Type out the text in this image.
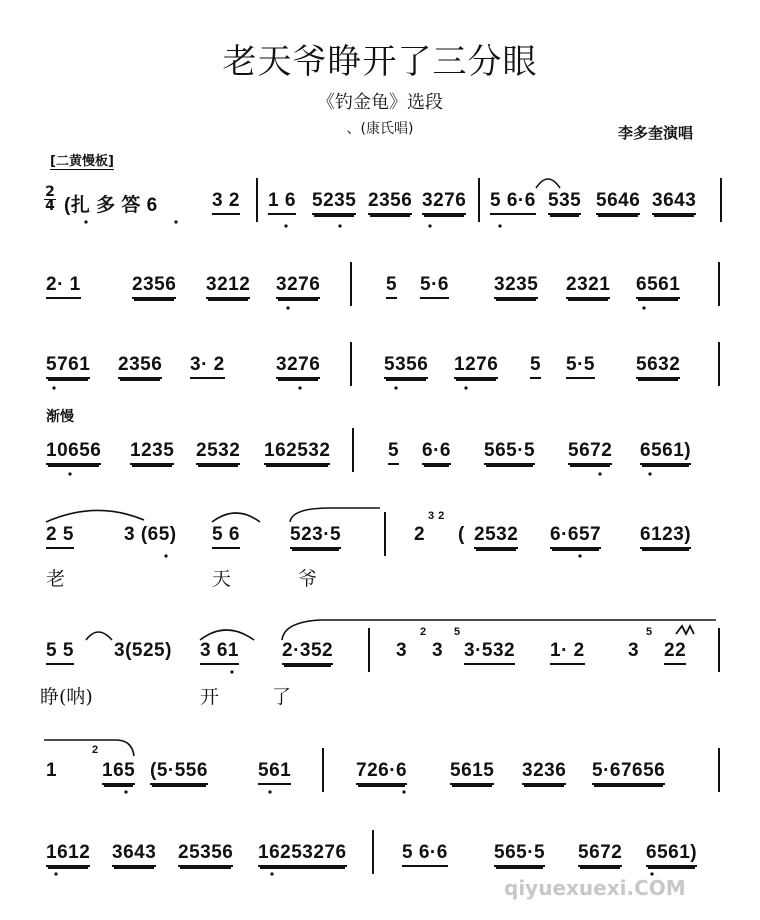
老天爷睁开了三分眼
《钓金龟》选段
、(康氏唱)	李多奎演唱
[二黄慢板]
渐慢
2
4 (扎 多 答 6	3 2 1 6 5235 2356 3276 5 6·6 535 5646 3643
2· 1	2356 3212 3276	5 5·6 3235 2321 6561
5761 2356 3· 2	3276	5356 1276 5 5·5 5632
10656 1235 2532 162532	5 6·6 565·5 5672 6561)
2 5	3 (65) 5 6	523·5	2
3 2
( 2532 6·657 6123)
老	天	爷
5 5 3(525) 3 61 2·352	3
2
3
5
3·532 1· 2 3
5
22
睁(呐)	开	了
1
2
165 (5·556	561	726·6 5615 3236 5·67656
1612 3643 25356 16253276	5 6·6 565·5 5672 6561)
qiyuexuexi.COM
